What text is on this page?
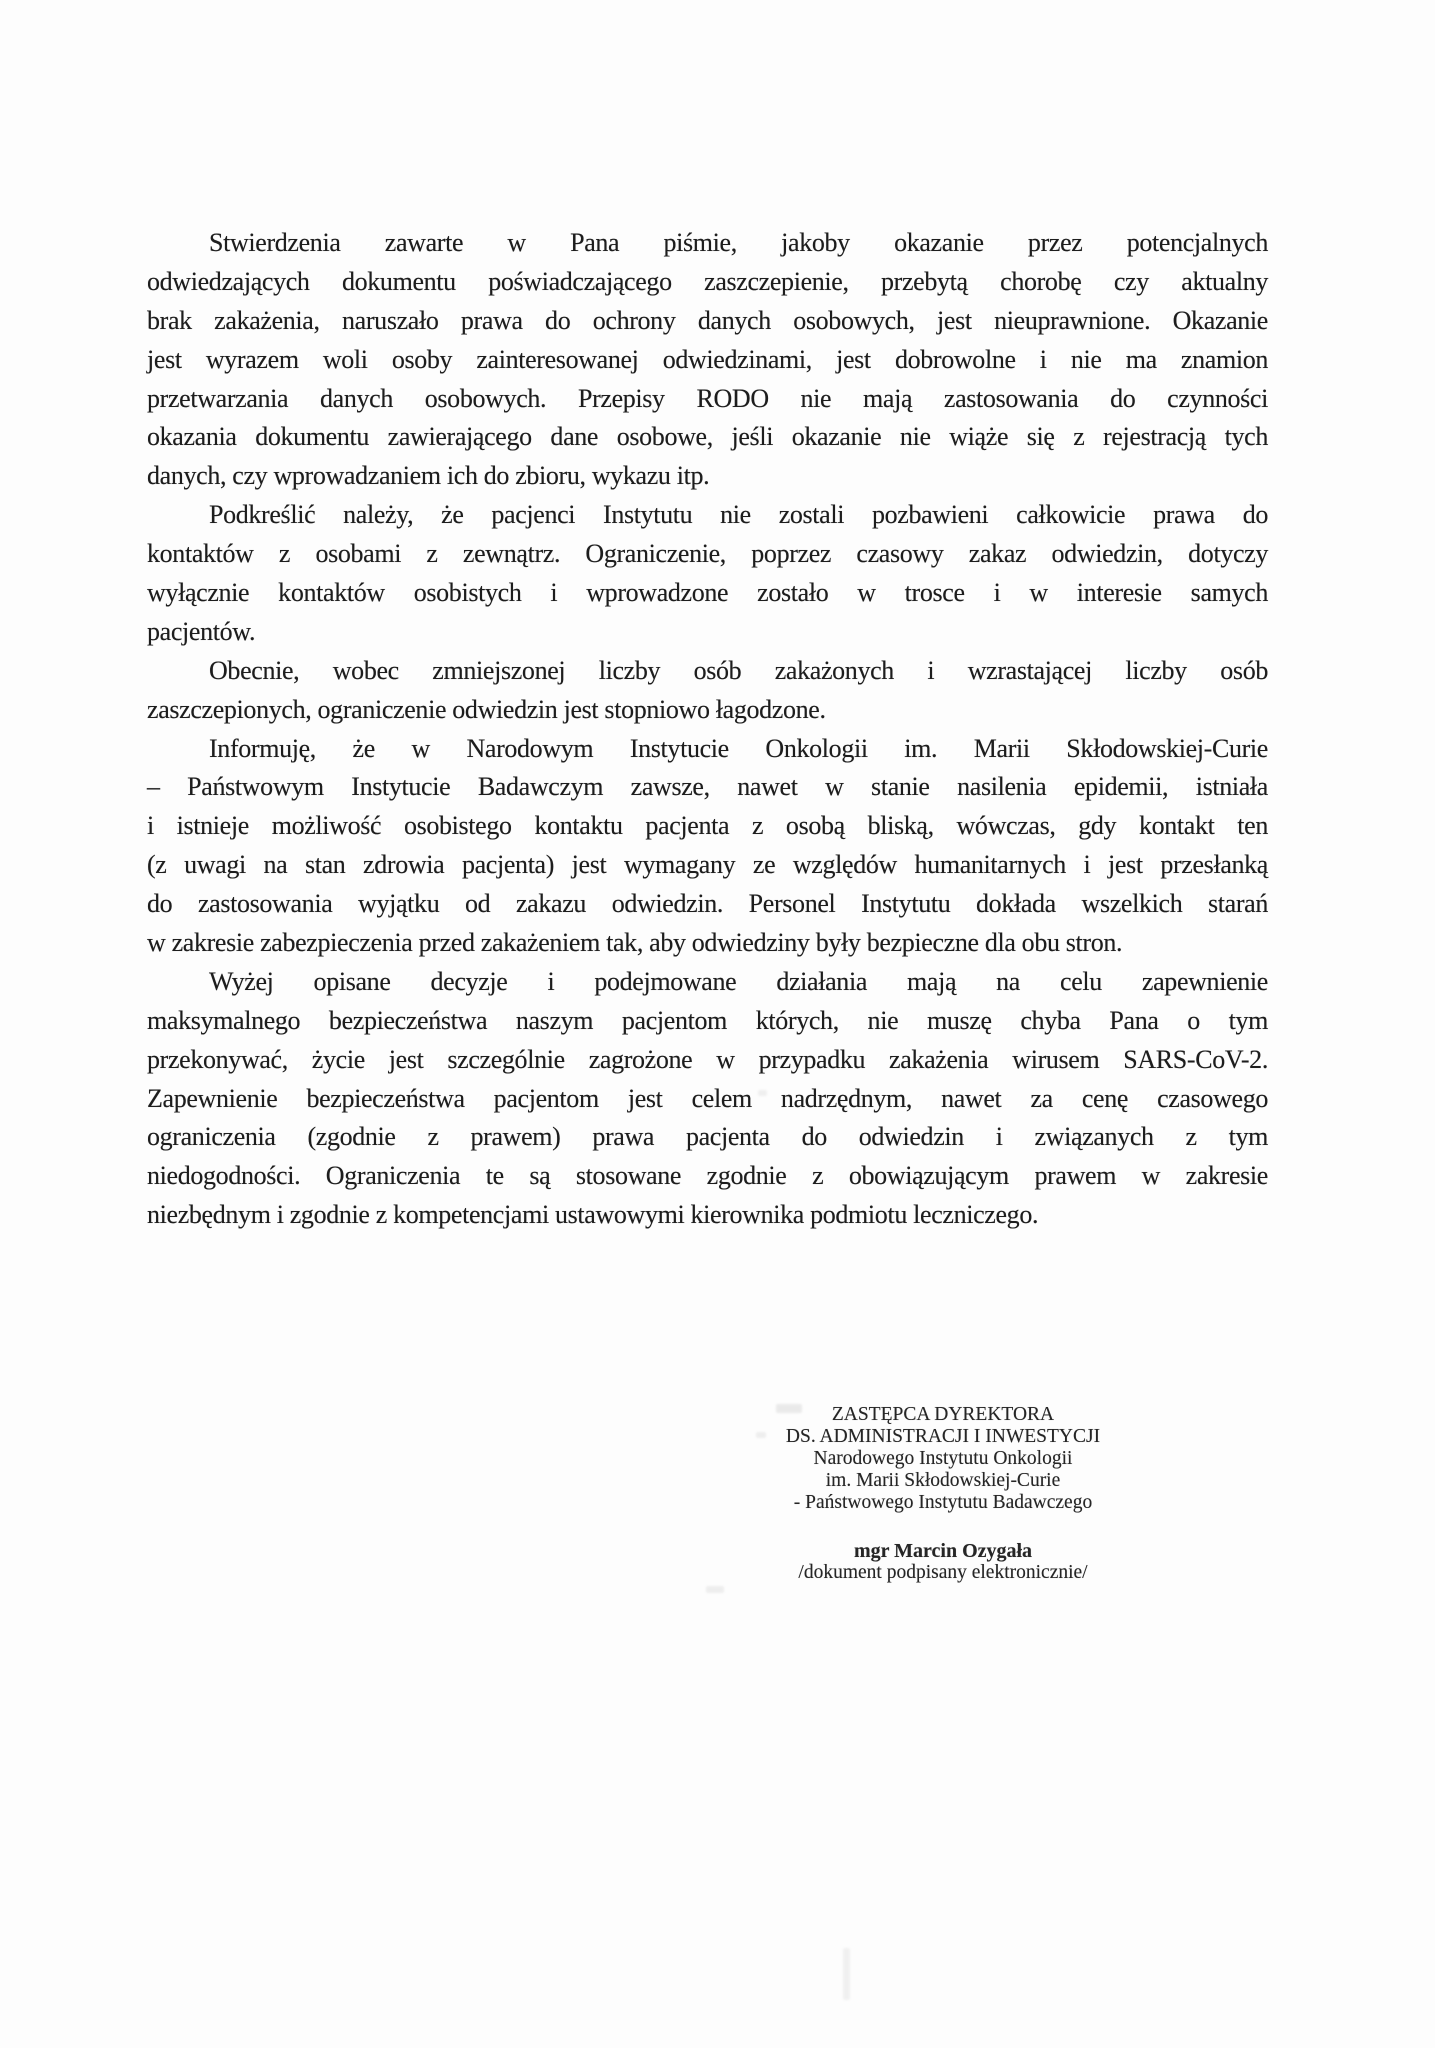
Stwierdzenia zawarte w Pana piśmie, jakoby okazanie przez potencjalnych
odwiedzających dokumentu poświadczającego zaszczepienie, przebytą chorobę czy aktualny
brak zakażenia, naruszało prawa do ochrony danych osobowych, jest nieuprawnione. Okazanie
jest wyrazem woli osoby zainteresowanej odwiedzinami, jest dobrowolne i nie ma znamion
przetwarzania danych osobowych. Przepisy RODO nie mają zastosowania do czynności
okazania dokumentu zawierającego dane osobowe, jeśli okazanie nie wiąże się z rejestracją tych
danych, czy wprowadzaniem ich do zbioru, wykazu itp.
Podkreślić należy, że pacjenci Instytutu nie zostali pozbawieni całkowicie prawa do
kontaktów z osobami z zewnątrz. Ograniczenie, poprzez czasowy zakaz odwiedzin, dotyczy
wyłącznie kontaktów osobistych i wprowadzone zostało w trosce i w interesie samych
pacjentów.
Obecnie, wobec zmniejszonej liczby osób zakażonych i wzrastającej liczby osób
zaszczepionych, ograniczenie odwiedzin jest stopniowo łagodzone.
Informuję, że w Narodowym Instytucie Onkologii im. Marii Skłodowskiej-Curie
– Państwowym Instytucie Badawczym zawsze, nawet w stanie nasilenia epidemii, istniała
i istnieje możliwość osobistego kontaktu pacjenta z osobą bliską, wówczas, gdy kontakt ten
(z uwagi na stan zdrowia pacjenta) jest wymagany ze względów humanitarnych i jest przesłanką
do zastosowania wyjątku od zakazu odwiedzin. Personel Instytutu dokłada wszelkich starań
w zakresie zabezpieczenia przed zakażeniem tak, aby odwiedziny były bezpieczne dla obu stron.
Wyżej opisane decyzje i podejmowane działania mają na celu zapewnienie
maksymalnego bezpieczeństwa naszym pacjentom których, nie muszę chyba Pana o tym
przekonywać, życie jest szczególnie zagrożone w przypadku zakażenia wirusem SARS-CoV-2.
Zapewnienie bezpieczeństwa pacjentom jest celem nadrzędnym, nawet za cenę czasowego
ograniczenia (zgodnie z prawem) prawa pacjenta do odwiedzin i związanych z tym
niedogodności. Ograniczenia te są stosowane zgodnie z obowiązującym prawem w zakresie
niezbędnym i zgodnie z kompetencjami ustawowymi kierownika podmiotu leczniczego.
ZASTĘPCA DYREKTORA
DS. ADMINISTRACJI I INWESTYCJI
Narodowego Instytutu Onkologii
im. Marii Skłodowskiej-Curie
- Państwowego Instytutu Badawczego
mgr Marcin Ozygała
/dokument podpisany elektronicznie/
